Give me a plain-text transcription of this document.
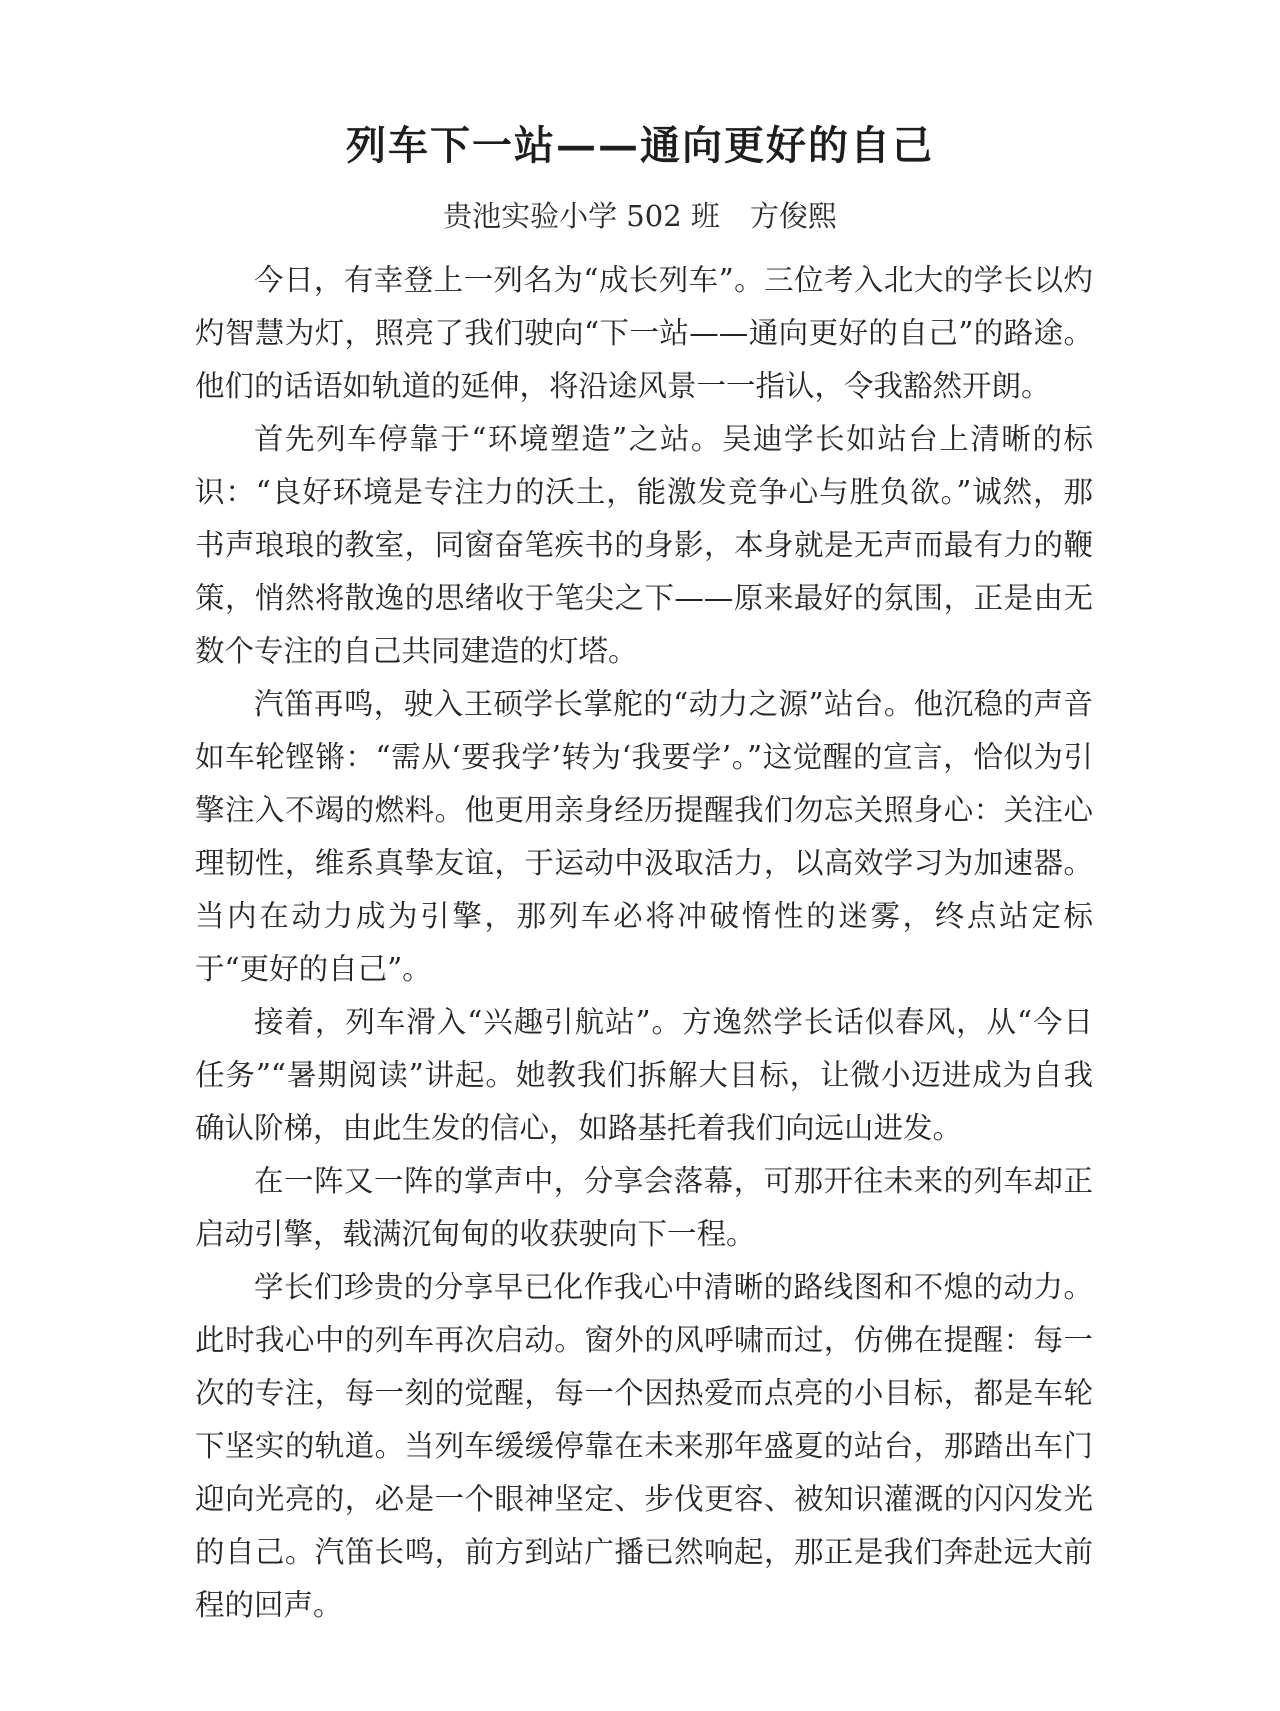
列车下一站——通向更好的自己
贵池实验小学 502 班 方俊熙

今日，有幸登上一列名为“成长列车”。三位考入北大的学长以灼灼智慧为灯，照亮了我们驶向“下一站——通向更好的自己”的路途。他们的话语如轨道的延伸，将沿途风景一一指认，令我豁然开朗。

首先列车停靠于“环境塑造”之站。吴迪学长如站台上清晰的标识：“良好环境是专注力的沃土，能激发竞争心与胜负欲。”诚然，那书声琅琅的教室，同窗奋笔疾书的身影，本身就是无声而最有力的鞭策，悄然将散逸的思绪收于笔尖之下——原来最好的氛围，正是由无数个专注的自己共同建造的灯塔。

汽笛再鸣，驶入王硕学长掌舵的“动力之源”站台。他沉稳的声音如车轮铿锵：“需从‘要我学’转为‘我要学’。”这觉醒的宣言，恰似为引擎注入不竭的燃料。他更用亲身经历提醒我们勿忘关照身心：关注心理韧性，维系真挚友谊，于运动中汲取活力，以高效学习为加速器。当内在动力成为引擎，那列车必将冲破惰性的迷雾，终点站定标于“更好的自己”。

接着，列车滑入“兴趣引航站”。方逸然学长话似春风，从“今日任务”“暑期阅读”讲起。她教我们拆解大目标，让微小迈进成为自我确认阶梯，由此生发的信心，如路基托着我们向远山进发。

在一阵又一阵的掌声中，分享会落幕，可那开往未来的列车却正启动引擎，载满沉甸甸的收获驶向下一程。

学长们珍贵的分享早已化作我心中清晰的路线图和不熄的动力。此时我心中的列车再次启动。窗外的风呼啸而过，仿佛在提醒：每一次的专注，每一刻的觉醒，每一个因热爱而点亮的小目标，都是车轮下坚实的轨道。当列车缓缓停靠在未来那年盛夏的站台，那踏出车门迎向光亮的，必是一个眼神坚定、步伐更容、被知识灌溉的闪闪发光的自己。汽笛长鸣，前方到站广播已然响起，那正是我们奔赴远大前程的回声。
